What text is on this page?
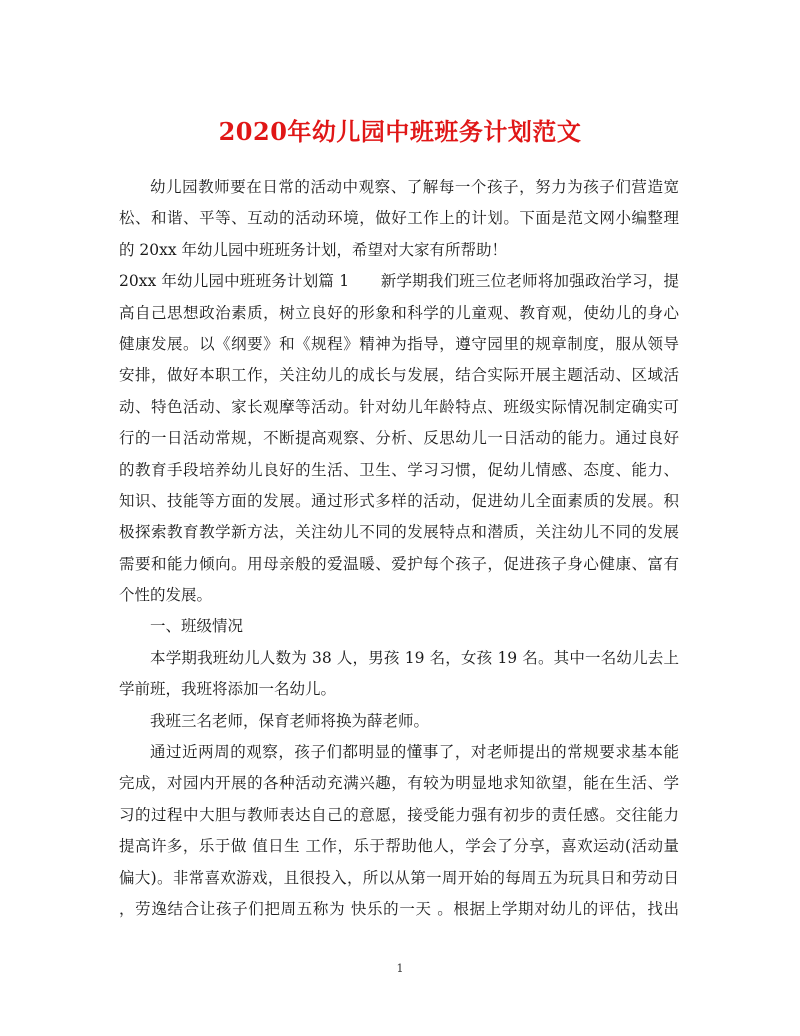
2020年幼儿园中班班务计划范文
幼儿园教师要在日常的活动中观察、了解每一个孩子，努力为孩子们营造宽
松、和谐、平等、互动的活动环境，做好工作上的计划。下面是范文网小编整理
的 20xx 年幼儿园中班班务计划，希望对大家有所帮助！
20xx 年幼儿园中班班务计划篇 1　　新学期我们班三位老师将加强政治学习，提
高自己思想政治素质，树立良好的形象和科学的儿童观、教育观，使幼儿的身心
健康发展。以《纲要》和《规程》精神为指导，遵守园里的规章制度，服从领导
安排，做好本职工作，关注幼儿的成长与发展，结合实际开展主题活动、区域活
动、特色活动、家长观摩等活动。针对幼儿年龄特点、班级实际情况制定确实可
行的一日活动常规，不断提高观察、分析、反思幼儿一日活动的能力。通过良好
的教育手段培养幼儿良好的生活、卫生、学习习惯，促幼儿情感、态度、能力、
知识、技能等方面的发展。通过形式多样的活动，促进幼儿全面素质的发展。积
极探索教育教学新方法，关注幼儿不同的发展特点和潜质，关注幼儿不同的发展
需要和能力倾向。用母亲般的爱温暖、爱护每个孩子，促进孩子身心健康、富有
个性的发展。
一、班级情况
本学期我班幼儿人数为 38 人，男孩 19 名，女孩 19 名。其中一名幼儿去上
学前班，我班将添加一名幼儿。
我班三名老师，保育老师将换为薛老师。
通过近两周的观察，孩子们都明显的懂事了，对老师提出的常规要求基本能
完成，对园内开展的各种活动充满兴趣，有较为明显地求知欲望，能在生活、学
习的过程中大胆与教师表达自己的意愿，接受能力强有初步的责任感。交往能力
提高许多，乐于做 值日生 工作，乐于帮助他人，学会了分享，喜欢运动(活动量
偏大)。非常喜欢游戏，且很投入，所以从第一周开始的每周五为玩具日和劳动日
，劳逸结合让孩子们把周五称为 快乐的一天 。根据上学期对幼儿的评估，找出
1
